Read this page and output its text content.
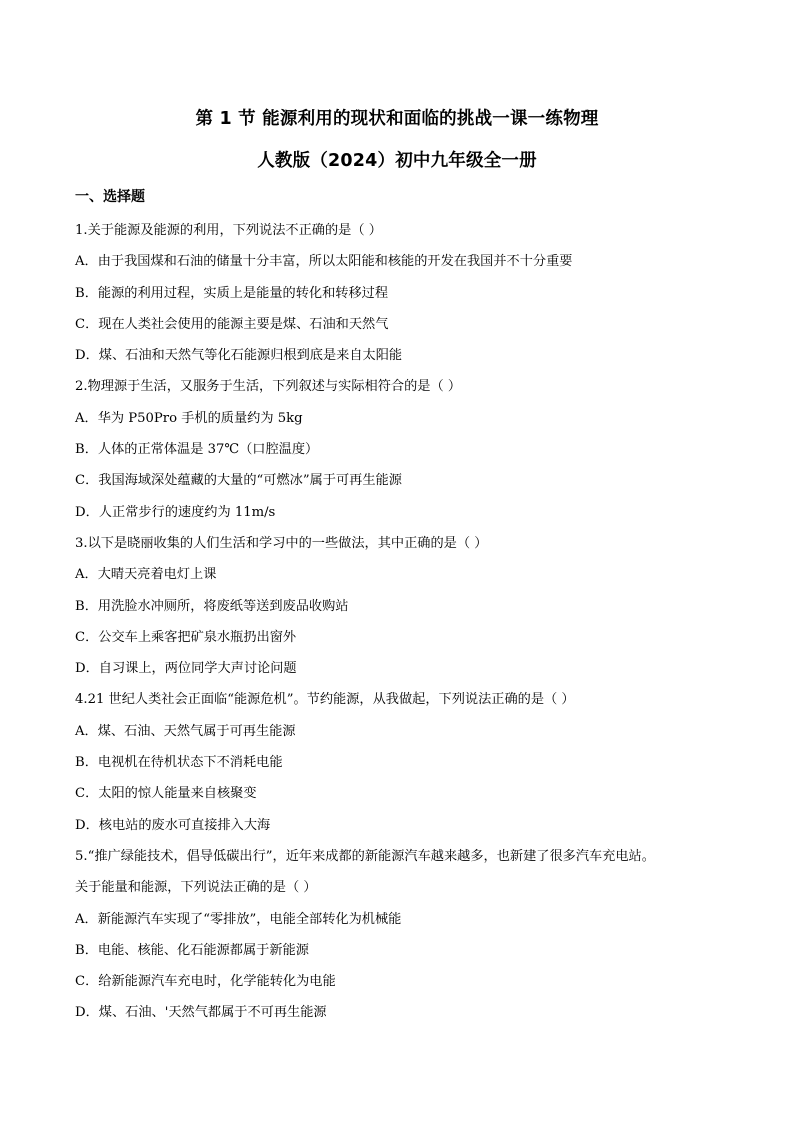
第 1 节 能源利用的现状和面临的挑战一课一练物理
人教版（2024）初中九年级全一册
一、选择题
1.关于能源及能源的利用，下列说法不正确的是（ ）
A．由于我国煤和石油的储量十分丰富，所以太阳能和核能的开发在我国并不十分重要
B．能源的利用过程，实质上是能量的转化和转移过程
C．现在人类社会使用的能源主要是煤、石油和天然气
D．煤、石油和天然气等化石能源归根到底是来自太阳能
2.物理源于生活，又服务于生活，下列叙述与实际相符合的是（ ）
A．华为 P50Pro 手机的质量约为 5kg
B．人体的正常体温是 37℃（口腔温度）
C．我国海域深处蕴藏的大量的“可燃冰”属于可再生能源
D．人正常步行的速度约为 11m/s
3.以下是晓丽收集的人们生活和学习中的一些做法，其中正确的是（ ）
A．大晴天亮着电灯上课
B．用洗脸水冲厕所，将废纸等送到废品收购站
C．公交车上乘客把矿泉水瓶扔出窗外
D．自习课上，两位同学大声讨论问题
4.21 世纪人类社会正面临“能源危机”。节约能源，从我做起，下列说法正确的是（ ）
A．煤、石油、天然气属于可再生能源
B．电视机在待机状态下不消耗电能
C．太阳的惊人能量来自核聚变
D．核电站的废水可直接排入大海
5.“推广绿能技术，倡导低碳出行”，近年来成都的新能源汽车越来越多，也新建了很多汽车充电站。
关于能量和能源，下列说法正确的是（ ）
A．新能源汽车实现了“零排放”，电能全部转化为机械能
B．电能、核能、化石能源都属于新能源
C．给新能源汽车充电时，化学能转化为电能
D．煤、石油、'天然气都属于不可再生能源
